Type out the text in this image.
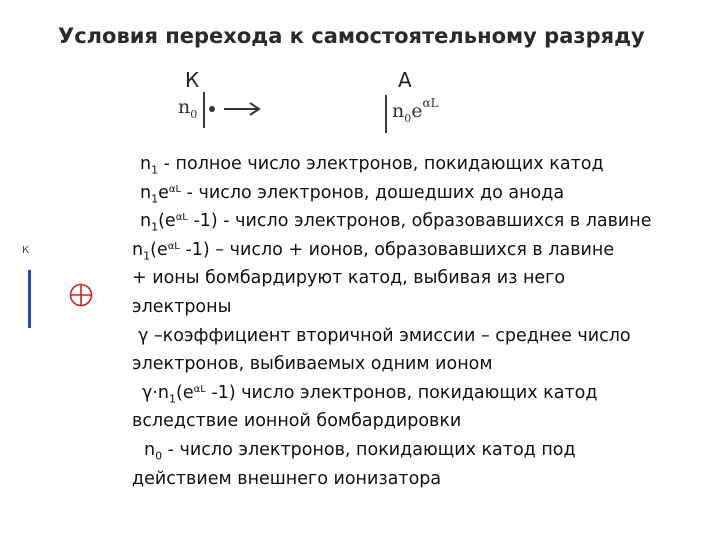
Условия перехода к самостоятельному разряду
К	А
$n_0$	$n_0e^{\alpha L}$
К
$n_1$ - полное число электронов, покидающих катод
$n_1e^{\alpha L}$ - число электронов, дошедших до анода
$n_1(e^{\alpha L}$ -1) - число электронов, образовавшихся в лавине
$n_1(e^{\alpha L}$ -1) – число + ионов, образовавшихся в лавине
+ ионы бомбардируют катод, выбивая из него
электроны
γ –коэффициент вторичной эмиссии – среднее число
электронов, выбиваемых одним ионом
$\gamma\cdot n_1(e^{\alpha L}$ -1) число электронов, покидающих катод
вследствие ионной бомбардировки
$n_0$ - число электронов, покидающих катод под
действием внешнего ионизатора
